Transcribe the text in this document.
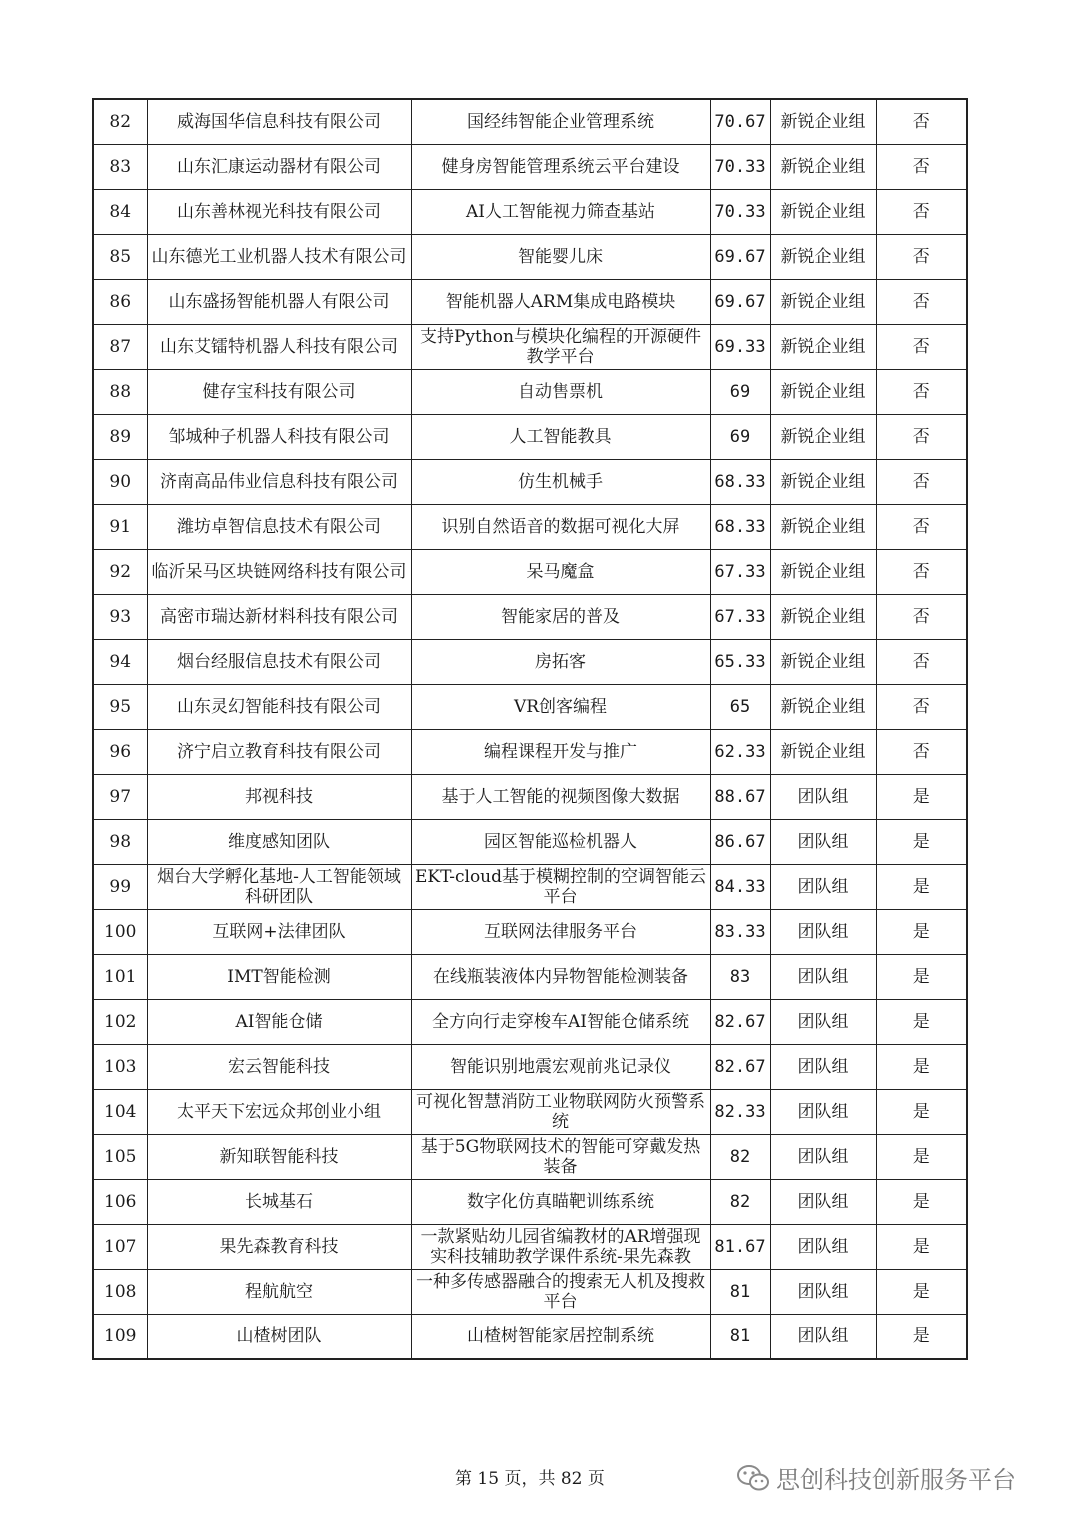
82	威海国华信息科技有限公司	国经纬智能企业管理系统	70.67	新锐企业组	否
83	山东汇康运动器材有限公司	健身房智能管理系统云平台建设	70.33	新锐企业组	否
84	山东善林视光科技有限公司	AI人工智能视力筛查基站	70.33	新锐企业组	否
85	山东德光工业机器人技术有限公司	智能婴儿床	69.67	新锐企业组	否
86	山东盛扬智能机器人有限公司	智能机器人ARM集成电路模块	69.67	新锐企业组	否
87	山东艾镭特机器人科技有限公司	支持Python与模块化编程的开源硬件教学平台	69.33	新锐企业组	否
88	健存宝科技有限公司	自动售票机	69	新锐企业组	否
89	邹城种子机器人科技有限公司	人工智能教具	69	新锐企业组	否
90	济南高品伟业信息科技有限公司	仿生机械手	68.33	新锐企业组	否
91	潍坊卓智信息技术有限公司	识别自然语音的数据可视化大屏	68.33	新锐企业组	否
92	临沂呆马区块链网络科技有限公司	呆马魔盒	67.33	新锐企业组	否
93	高密市瑞达新材料科技有限公司	智能家居的普及	67.33	新锐企业组	否
94	烟台经服信息技术有限公司	房拓客	65.33	新锐企业组	否
95	山东灵幻智能科技有限公司	VR创客编程	65	新锐企业组	否
96	济宁启立教育科技有限公司	编程课程开发与推广	62.33	新锐企业组	否
97	邦视科技	基于人工智能的视频图像大数据	88.67	团队组	是
98	维度感知团队	园区智能巡检机器人	86.67	团队组	是
99	烟台大学孵化基地-人工智能领域科研团队	EKT-cloud基于模糊控制的空调智能云平台	84.33	团队组	是
100	互联网+法律团队	互联网法律服务平台	83.33	团队组	是
101	IMT智能检测	在线瓶装液体内异物智能检测装备	83	团队组	是
102	AI智能仓储	全方向行走穿梭车AI智能仓储系统	82.67	团队组	是
103	宏云智能科技	智能识别地震宏观前兆记录仪	82.67	团队组	是
104	太平天下宏远众邦创业小组	可视化智慧消防工业物联网防火预警系统	82.33	团队组	是
105	新知联智能科技	基于5G物联网技术的智能可穿戴发热装备	82	团队组	是
106	长城基石	数字化仿真瞄靶训练系统	82	团队组	是
107	果先森教育科技	一款紧贴幼儿园省编教材的AR增强现实科技辅助教学课件系统-果先森教	81.67	团队组	是
108	程航航空	一种多传感器融合的搜索无人机及搜救平台	81	团队组	是
109	山楂树团队	山楂树智能家居控制系统	81	团队组	是
第 15 页，共 82 页	思创科技创新服务平台
